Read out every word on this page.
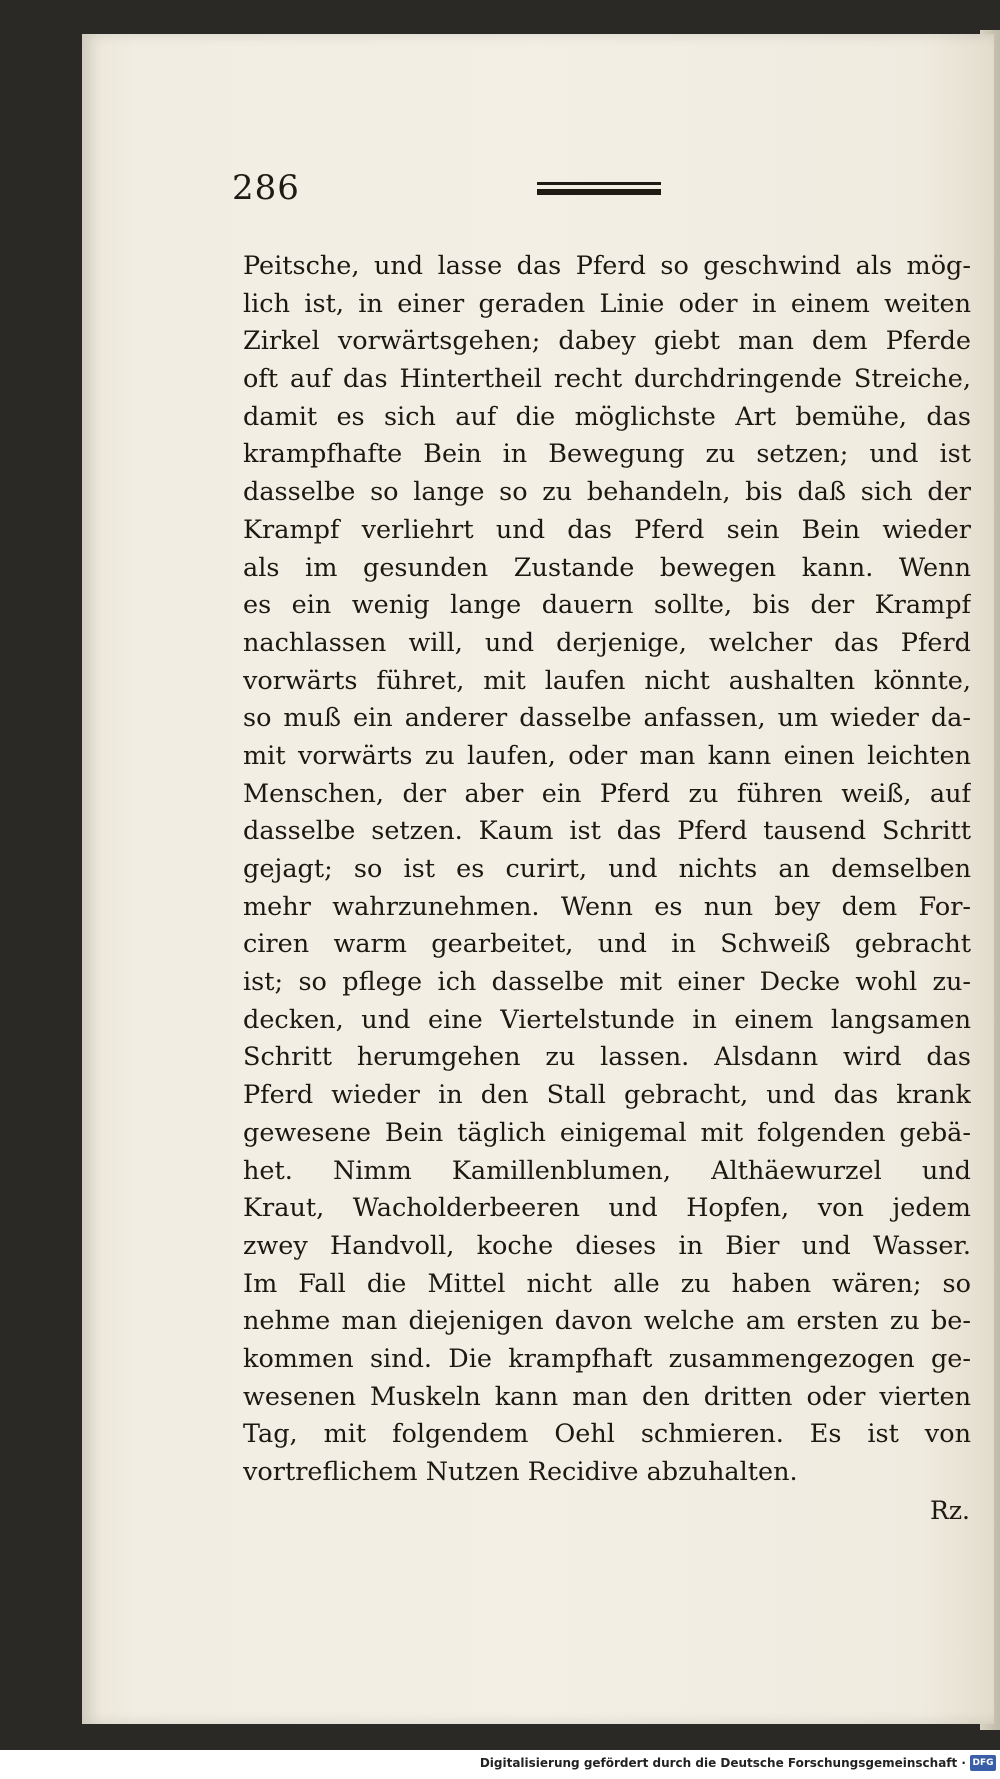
286
Peitsche, und lasse das Pferd so geschwind als mög-
lich ist, in einer geraden Linie oder in einem weiten
Zirkel vorwärtsgehen; dabey giebt man dem Pferde
oft auf das Hintertheil recht durchdringende Streiche,
damit es sich auf die möglichste Art bemühe, das
krampfhafte Bein in Bewegung zu setzen; und ist
dasselbe so lange so zu behandeln, bis daß sich der
Krampf verliehrt und das Pferd sein Bein wieder
als im gesunden Zustande bewegen kann. Wenn
es ein wenig lange dauern sollte, bis der Krampf
nachlassen will, und derjenige, welcher das Pferd
vorwärts führet, mit laufen nicht aushalten könnte,
so muß ein anderer dasselbe anfassen, um wieder da-
mit vorwärts zu laufen, oder man kann einen leichten
Menschen, der aber ein Pferd zu führen weiß, auf
dasselbe setzen. Kaum ist das Pferd tausend Schritt
gejagt; so ist es curirt, und nichts an demselben
mehr wahrzunehmen. Wenn es nun bey dem For-
ciren warm gearbeitet, und in Schweiß gebracht
ist; so pflege ich dasselbe mit einer Decke wohl zu-
decken, und eine Viertelstunde in einem langsamen
Schritt herumgehen zu lassen. Alsdann wird das
Pferd wieder in den Stall gebracht, und das krank
gewesene Bein täglich einigemal mit folgenden gebä-
het. Nimm Kamillenblumen, Althäewurzel und
Kraut, Wacholderbeeren und Hopfen, von jedem
zwey Handvoll, koche dieses in Bier und Wasser.
Im Fall die Mittel nicht alle zu haben wären; so
nehme man diejenigen davon welche am ersten zu be-
kommen sind. Die krampfhaft zusammengezogen ge-
wesenen Muskeln kann man den dritten oder vierten
Tag, mit folgendem Oehl schmieren. Es ist von
vortreflichem Nutzen Recidive abzuhalten.
Rz.
Digitalisierung gefördert durch die Deutsche Forschungsgemeinschaft · DFG
